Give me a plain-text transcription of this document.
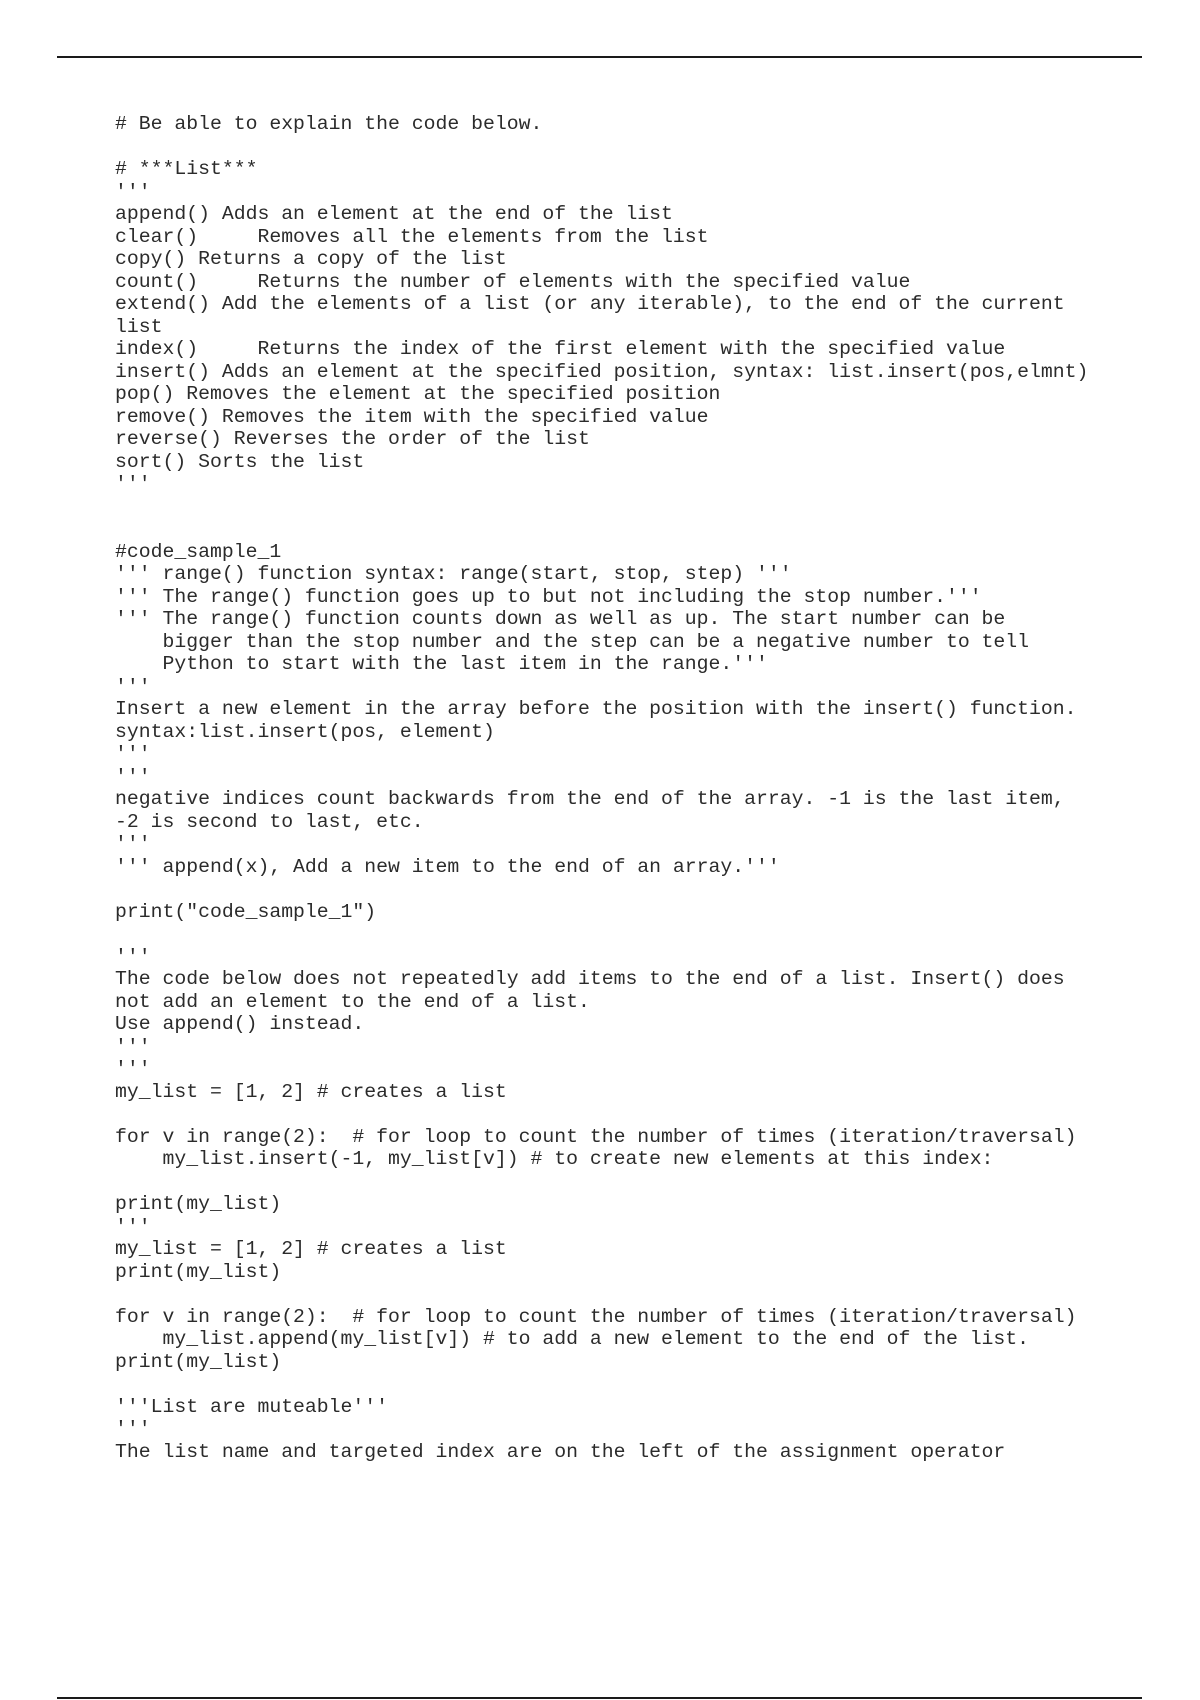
# Be able to explain the code below.
# ***List***
'''
append() Adds an element at the end of the list
clear()     Removes all the elements from the list
copy() Returns a copy of the list
count()     Returns the number of elements with the specified value
extend() Add the elements of a list (or any iterable), to the end of the current
list
index()     Returns the index of the first element with the specified value
insert() Adds an element at the specified position, syntax: list.insert(pos,elmnt)
pop() Removes the element at the specified position
remove() Removes the item with the specified value
reverse() Reverses the order of the list
sort() Sorts the list
'''
#code_sample_1
''' range() function syntax: range(start, stop, step) '''
''' The range() function goes up to but not including the stop number.'''
''' The range() function counts down as well as up. The start number can be
bigger than the stop number and the step can be a negative number to tell
Python to start with the last item in the range.'''
'''
Insert a new element in the array before the position with the insert() function.
syntax:list.insert(pos, element)
'''
'''
negative indices count backwards from the end of the array. -1 is the last item,
-2 is second to last, etc.
'''
''' append(x), Add a new item to the end of an array.'''
print("code_sample_1")
'''
The code below does not repeatedly add items to the end of a list. Insert() does
not add an element to the end of a list.
Use append() instead.
'''
'''
my_list = [1, 2] # creates a list
for v in range(2):  # for loop to count the number of times (iteration/traversal)
my_list.insert(-1, my_list[v]) # to create new elements at this index:
print(my_list)
'''
my_list = [1, 2] # creates a list
print(my_list)
for v in range(2):  # for loop to count the number of times (iteration/traversal)
my_list.append(my_list[v]) # to add a new element to the end of the list.
print(my_list)
'''List are muteable'''
'''
The list name and targeted index are on the left of the assignment operator
